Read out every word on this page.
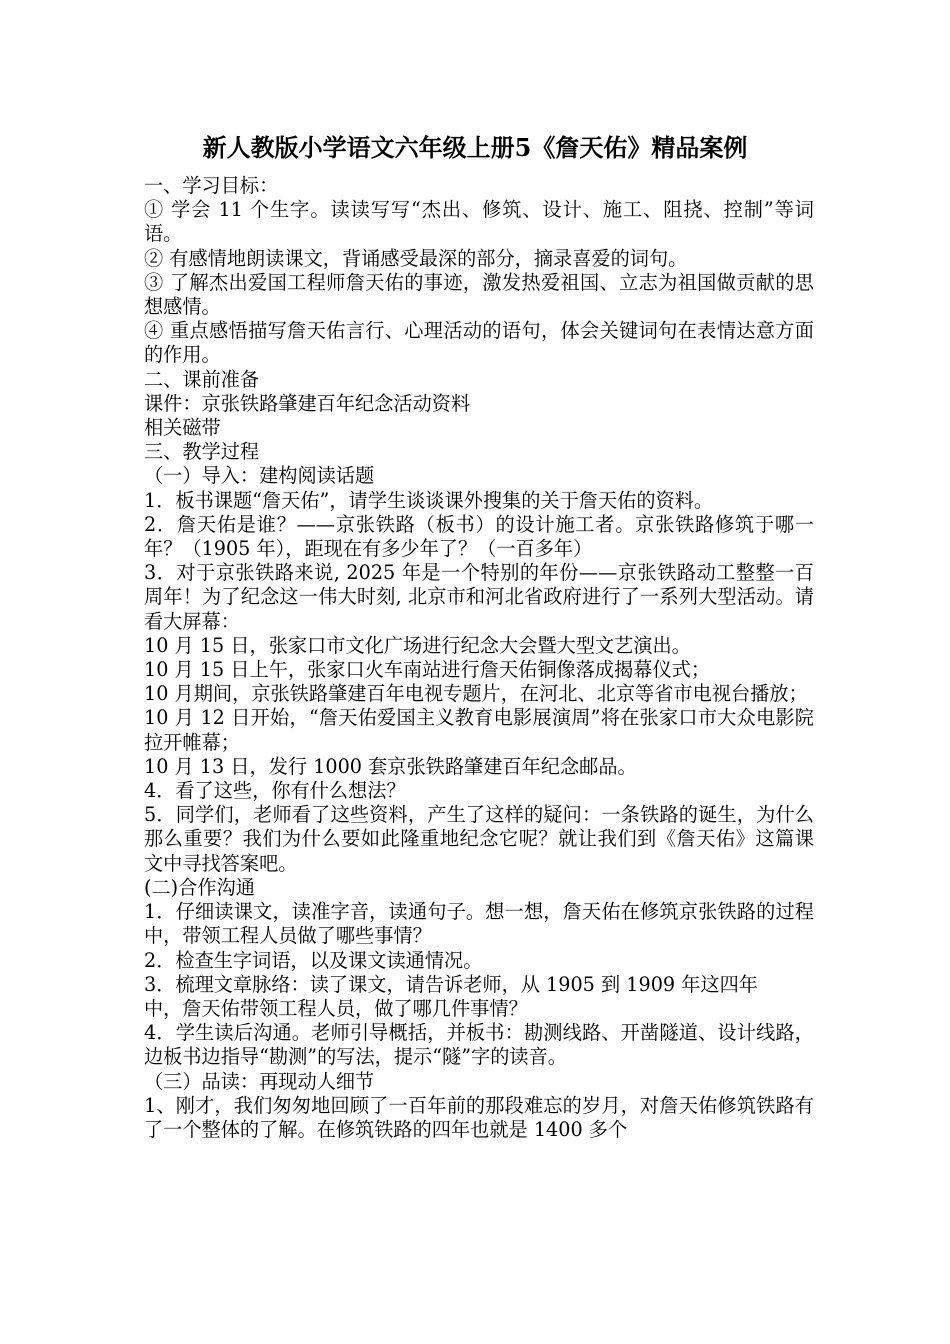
新人教版小学语文六年级上册5《詹天佑》精品案例

一、学习目标：

① 学会 11 个生字。读读写写“杰出、修筑、设计、施工、阻挠、控制”等词语。

② 有感情地朗读课文，背诵感受最深的部分，摘录喜爱的词句。

③ 了解杰出爱国工程师詹天佑的事迹，激发热爱祖国、立志为祖国做贡献的思想感情。

④ 重点感悟描写詹天佑言行、心理活动的语句，体会关键词句在表情达意方面的作用。

二、课前准备

课件：京张铁路肇建百年纪念活动资料

相关磁带

三、教学过程

（一）导入：建构阅读话题

1．板书课题“詹天佑”，请学生谈谈课外搜集的关于詹天佑的资料。

2．詹天佑是谁？——京张铁路（板书）的设计施工者。京张铁路修筑于哪一年？（1905 年），距现在有多少年了？（一百多年）

3．对于京张铁路来说, 2025 年是一个特别的年份——京张铁路动工整整一百周年！为了纪念这一伟大时刻, 北京市和河北省政府进行了一系列大型活动。请看大屏幕：

10 月 15 日，张家口市文化广场进行纪念大会暨大型文艺演出。

10 月 15 日上午，张家口火车南站进行詹天佑铜像落成揭幕仪式；

10 月期间，京张铁路肇建百年电视专题片，在河北、北京等省市电视台播放；

10 月 12 日开始，“詹天佑爱国主义教育电影展演周”将在张家口市大众电影院拉开帷幕；

10 月 13 日，发行 1000 套京张铁路肇建百年纪念邮品。

4．看了这些，你有什么想法？

5．同学们，老师看了这些资料，产生了这样的疑问：一条铁路的诞生，为什么那么重要？我们为什么要如此隆重地纪念它呢？就让我们到《詹天佑》这篇课文中寻找答案吧。

(二)合作沟通

1．仔细读课文，读准字音，读通句子。想一想，詹天佑在修筑京张铁路的过程中，带领工程人员做了哪些事情？

2．检查生字词语，以及课文读通情况。

3．梳理文章脉络：读了课文，请告诉老师，从 1905 到 1909 年这四年

中，詹天佑带领工程人员，做了哪几件事情？

4．学生读后沟通。老师引导概括，并板书：勘测线路、开凿隧道、设计线路，边板书边指导“勘测”的写法，提示“隧”字的读音。

（三）品读：再现动人细节

1、刚才，我们匆匆地回顾了一百年前的那段难忘的岁月，对詹天佑修筑铁路有了一个整体的了解。在修筑铁路的四年也就是 1400 多个
